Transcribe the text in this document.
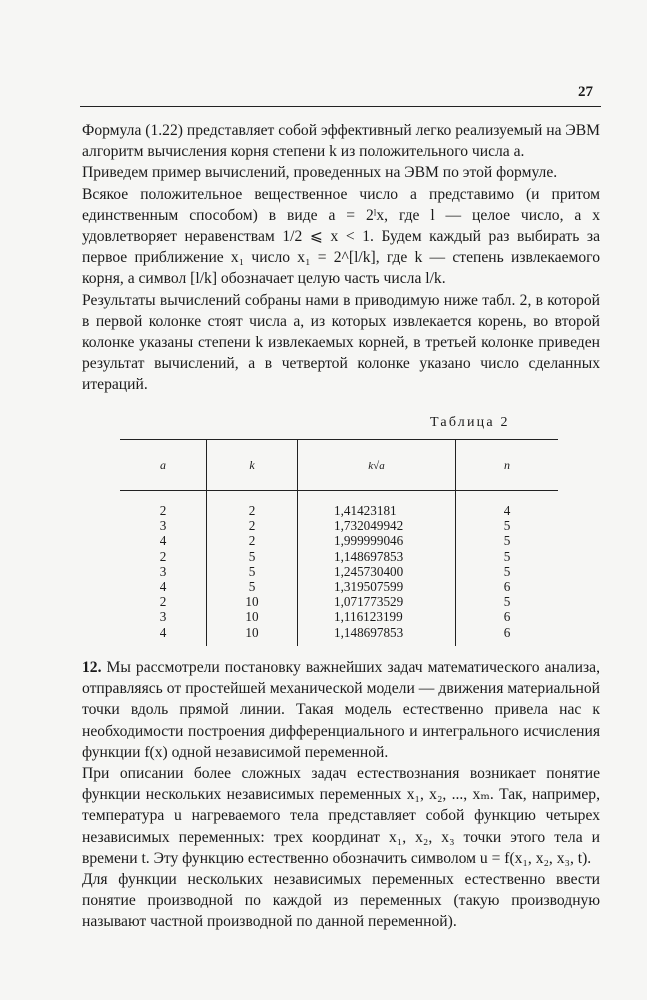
27

Формула (1.22) представляет собой эффективный легко реализуемый на ЭВМ алгоритм вычисления корня степени k из положительного числа a.

Приведем пример вычислений, проведенных на ЭВМ по этой формуле.

Всякое положительное вещественное число a представимо (и притом единственным способом) в виде a = 2ˡx, где l — целое число, а x удовлетворяет неравенствам 1/2 ⩽ x < 1. Будем каждый раз выбирать за первое приближение x₁ число x₁ = 2^[l/k], где k — степень извлекаемого корня, а символ [l/k] обозначает целую часть числа l/k.

Результаты вычислений собраны нами в приводимую ниже табл. 2, в которой в первой колонке стоят числа a, из которых извлекается корень, во второй колонке указаны степени k извлекаемых корней, в третьей колонке приведен результат вычислений, а в четвертой колонке указано число сделанных итераций.

Таблица 2
a	k	k√a	n
2	2	1,41423181	4
3	2	1,732049942	5
4	2	1,999999046	5
2	5	1,148697853	5
3	5	1,245730400	5
4	5	1,319507599	6
2	10	1,071773529	5
3	10	1,116123199	6
4	10	1,148697853	6

12. Мы рассмотрели постановку важнейших задач математического анализа, отправляясь от простейшей механической модели — движения материальной точки вдоль прямой линии. Такая модель естественно привела нас к необходимости построения дифференциального и интегрального исчисления функции f(x) одной независимой переменной.

При описании более сложных задач естествознания возникает понятие функции нескольких независимых переменных x₁, x₂, ..., xₘ. Так, например, температура u нагреваемого тела представляет собой функцию четырех независимых переменных: трех координат x₁, x₂, x₃ точки этого тела и времени t. Эту функцию естественно обозначить символом u = f(x₁, x₂, x₃, t).

Для функции нескольких независимых переменных естественно ввести понятие производной по каждой из переменных (такую производную называют частной производной по данной переменной).
